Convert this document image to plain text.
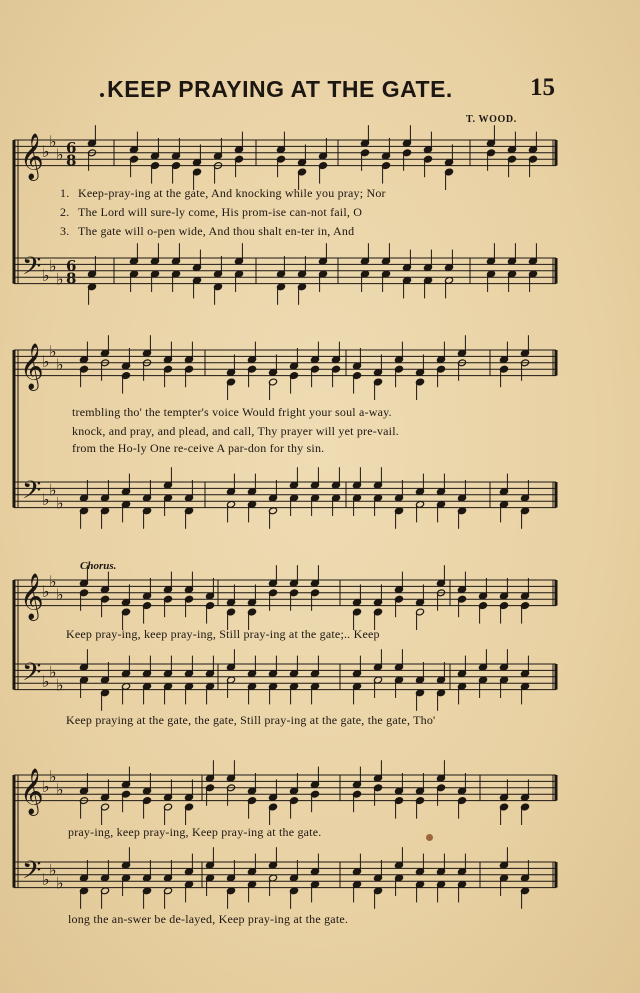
KEEP PRAYING AT THE GATE.	15
T. WOOD.
Chorus.
1. Keep-pray-ing at the gate, And knocking while you pray; Nor
2. The Lord will sure-ly come, His prom-ise can-not fail, O
3. The gate will o-pen wide, And thou shalt en-ter in, And
trembling tho' the tempter's voice Would fright your soul a-way.
knock, and pray, and plead, and call, Thy prayer will yet pre-vail.
from the Ho-ly One re-ceive A par-don for thy sin.
Keep pray-ing, keep pray-ing, Still pray-ing at the gate;.. Keep
Keep praying at the gate, the gate, Still pray-ing at the gate, the gate, Tho'
pray-ing, keep pray-ing, Keep pray-ing at the gate.
long the an-swer be de-layed, Keep pray-ing at the gate.
𝄞
𝄢
♭
♭
♭
♭
♭
♭
6
8
6
8
𝄞
𝄢
♭
♭
♭
♭
♭
♭
𝄞
𝄢
♭
♭
♭
♭
♭
♭
𝄞
𝄢
♭
♭
♭
♭
♭
♭
